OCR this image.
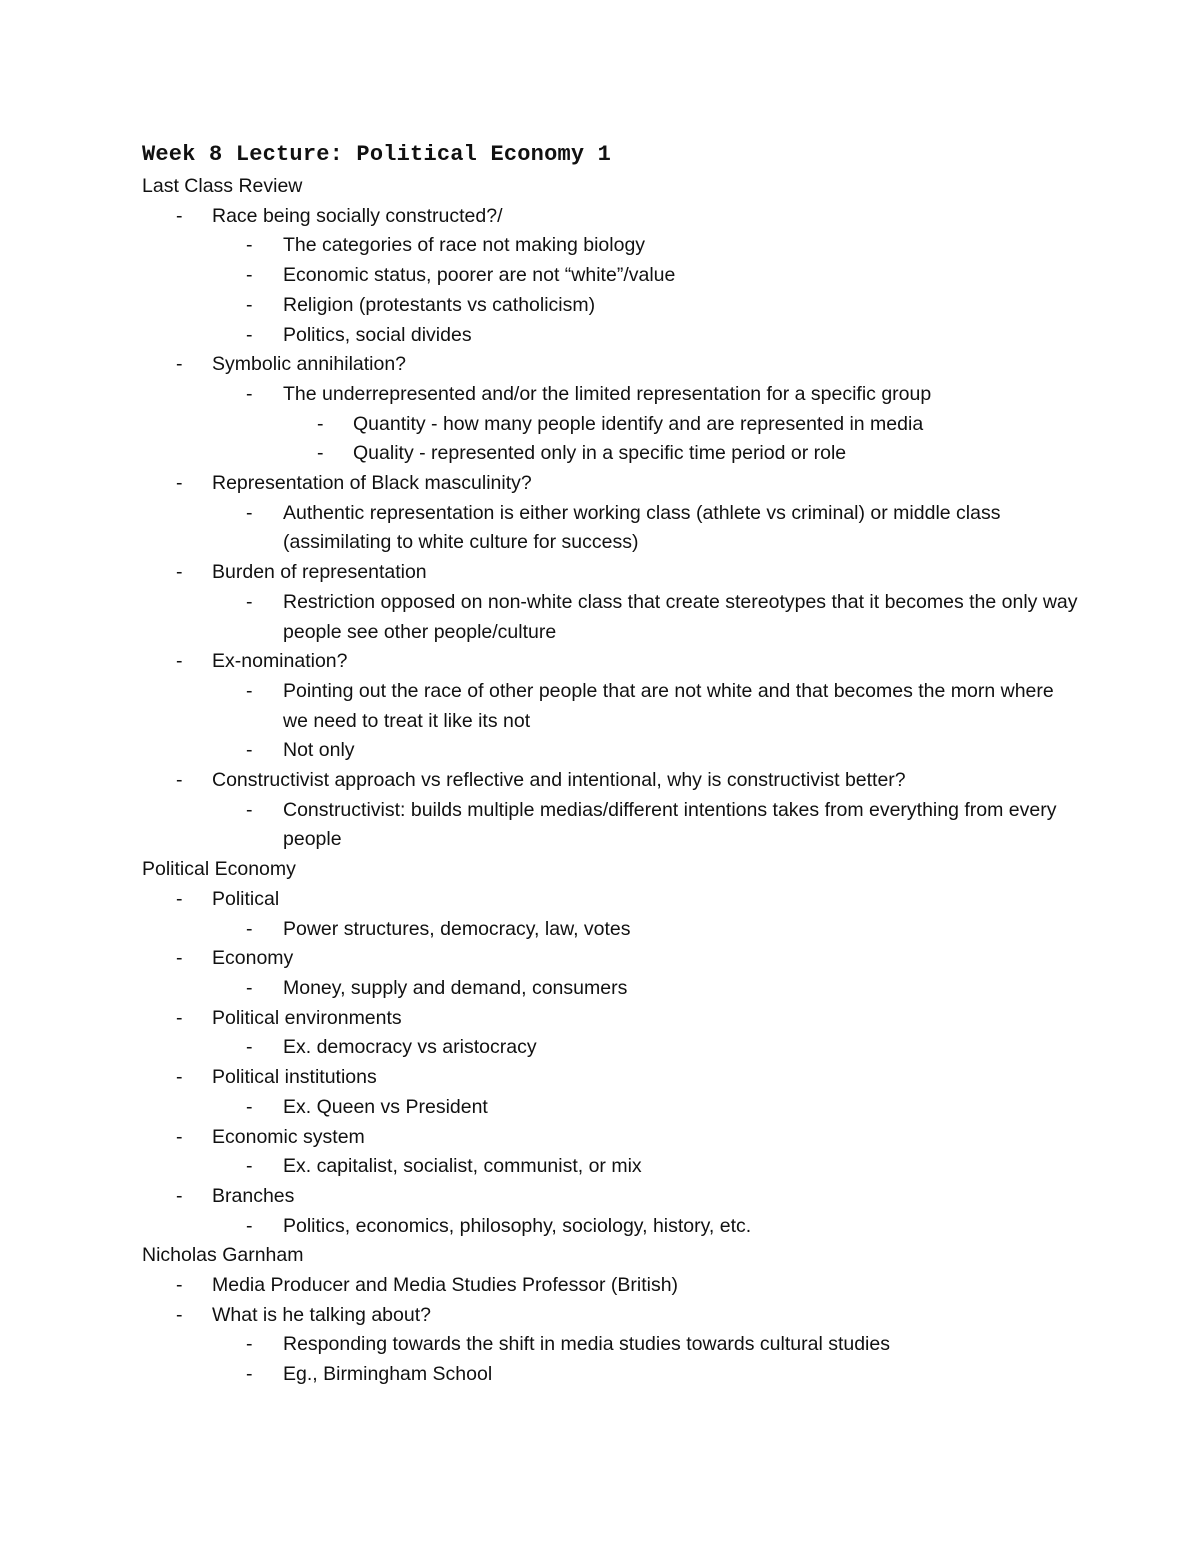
Week 8 Lecture: Political Economy 1
Last Class Review
-	Race being socially constructed?/
-	The categories of race not making biology
-	Economic status, poorer are not “white”/value
-	Religion (protestants vs catholicism)
-	Politics, social divides
-	Symbolic annihilation?
-	The underrepresented and/or the limited representation for a specific group
-	Quantity - how many people identify and are represented in media
-	Quality - represented only in a specific time period or role
-	Representation of Black masculinity?
-	Authentic representation is either working class (athlete vs criminal) or middle class (assimilating to white culture for success)
-	Burden of representation
-	Restriction opposed on non-white class that create stereotypes that it becomes the only way people see other people/culture
-	Ex-nomination?
-	Pointing out the race of other people that are not white and that becomes the morn where we need to treat it like its not
-	Not only
-	Constructivist approach vs reflective and intentional, why is constructivist better?
-	Constructivist: builds multiple medias/different intentions takes from everything from every people
Political Economy
-	Political
-	Power structures, democracy, law, votes
-	Economy
-	Money, supply and demand, consumers
-	Political environments
-	Ex. democracy vs aristocracy
-	Political institutions
-	Ex. Queen vs President
-	Economic system
-	Ex. capitalist, socialist, communist, or mix
-	Branches
-	Politics, economics, philosophy, sociology, history, etc.
Nicholas Garnham
-	Media Producer and Media Studies Professor (British)
-	What is he talking about?
-	Responding towards the shift in media studies towards cultural studies
-	Eg., Birmingham School
